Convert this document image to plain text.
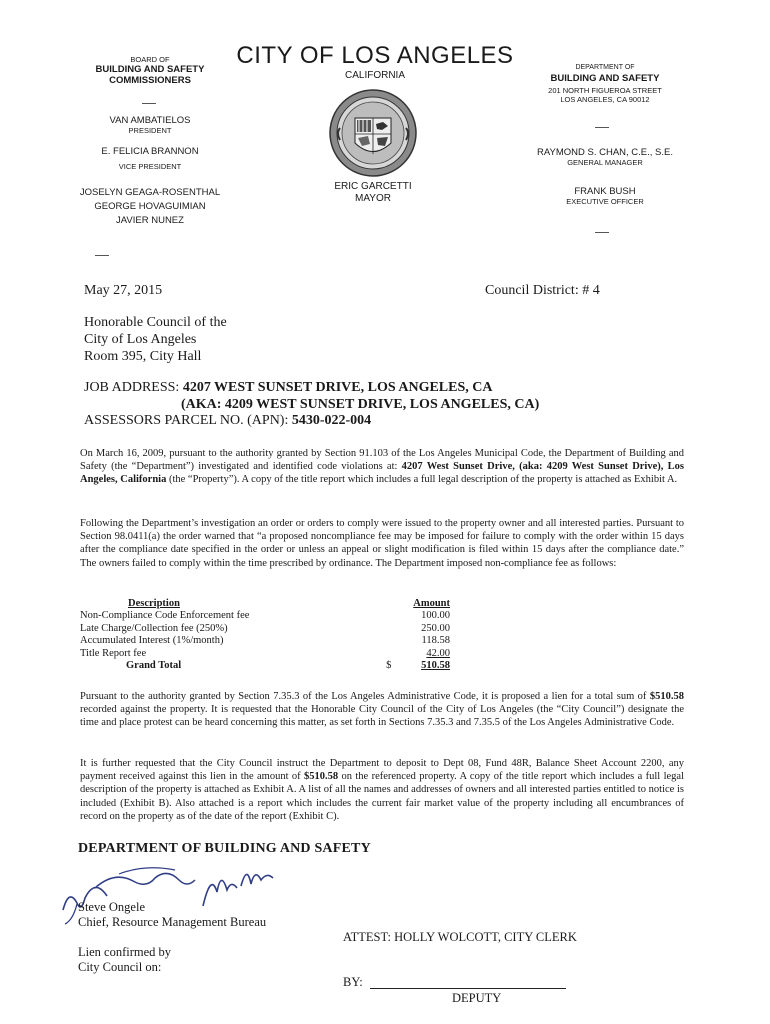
BOARD OF
BUILDING AND SAFETY
COMMISSIONERS
VAN AMBATIELOS
PRESIDENT
E. FELICIA BRANNON
VICE PRESIDENT
JOSELYN GEAGA-ROSENTHAL
GEORGE HOVAGUIMIAN
JAVIER NUNEZ
CITY OF LOS ANGELES
CALIFORNIA
ERIC GARCETTI
MAYOR
DEPARTMENT OF
BUILDING AND SAFETY
201 NORTH FIGUEROA STREET
LOS ANGELES, CA 90012
RAYMOND S. CHAN, C.E., S.E.
GENERAL MANAGER
FRANK BUSH
EXECUTIVE OFFICER
May 27, 2015	Council District: # 4
Honorable Council of the
City of Los Angeles
Room 395, City Hall
JOB ADDRESS: 4207 WEST SUNSET DRIVE, LOS ANGELES, CA
(AKA: 4209 WEST SUNSET DRIVE, LOS ANGELES, CA)
ASSESSORS PARCEL NO. (APN): 5430-022-004
On March 16, 2009, pursuant to the authority granted by Section 91.103 of the Los Angeles Municipal Code, the Department of Building and Safety (the “Department”) investigated and identified code violations at: 4207 West Sunset Drive, (aka: 4209 West Sunset Drive), Los Angeles, California (the “Property”). A copy of the title report which includes a full legal description of the property is attached as Exhibit A.
Following the Department’s investigation an order or orders to comply were issued to the property owner and all interested parties. Pursuant to Section 98.0411(a) the order warned that “a proposed noncompliance fee may be imposed for failure to comply with the order within 15 days after the compliance date specified in the order or unless an appeal or slight modification is filed within 15 days after the compliance date.” The owners failed to comply within the time prescribed by ordinance. The Department imposed non-compliance fee as follows:
Description		Amount
Non-Compliance Code Enforcement fee		100.00
Late Charge/Collection fee (250%)		250.00
Accumulated Interest (1%/month)		118.58
Title Report fee		42.00
Grand Total	$	510.58
Pursuant to the authority granted by Section 7.35.3 of the Los Angeles Administrative Code, it is proposed a lien for a total sum of $510.58 recorded against the property. It is requested that the Honorable City Council of the City of Los Angeles (the “City Council”) designate the time and place protest can be heard concerning this matter, as set forth in Sections 7.35.3 and 7.35.5 of the Los Angeles Administrative Code.
It is further requested that the City Council instruct the Department to deposit to Dept 08, Fund 48R, Balance Sheet Account 2200, any payment received against this lien in the amount of $510.58 on the referenced property. A copy of the title report which includes a full legal description of the property is attached as Exhibit A. A list of all the names and addresses of owners and all interested parties entitled to notice is included (Exhibit B). Also attached is a report which includes the current fair market value of the property including all encumbrances of record on the property as of the date of the report (Exhibit C).
DEPARTMENT OF BUILDING AND SAFETY
Steve Ongele
Chief, Resource Management Bureau
ATTEST: HOLLY WOLCOTT, CITY CLERK
Lien confirmed by
City Council on:
BY:
DEPUTY
